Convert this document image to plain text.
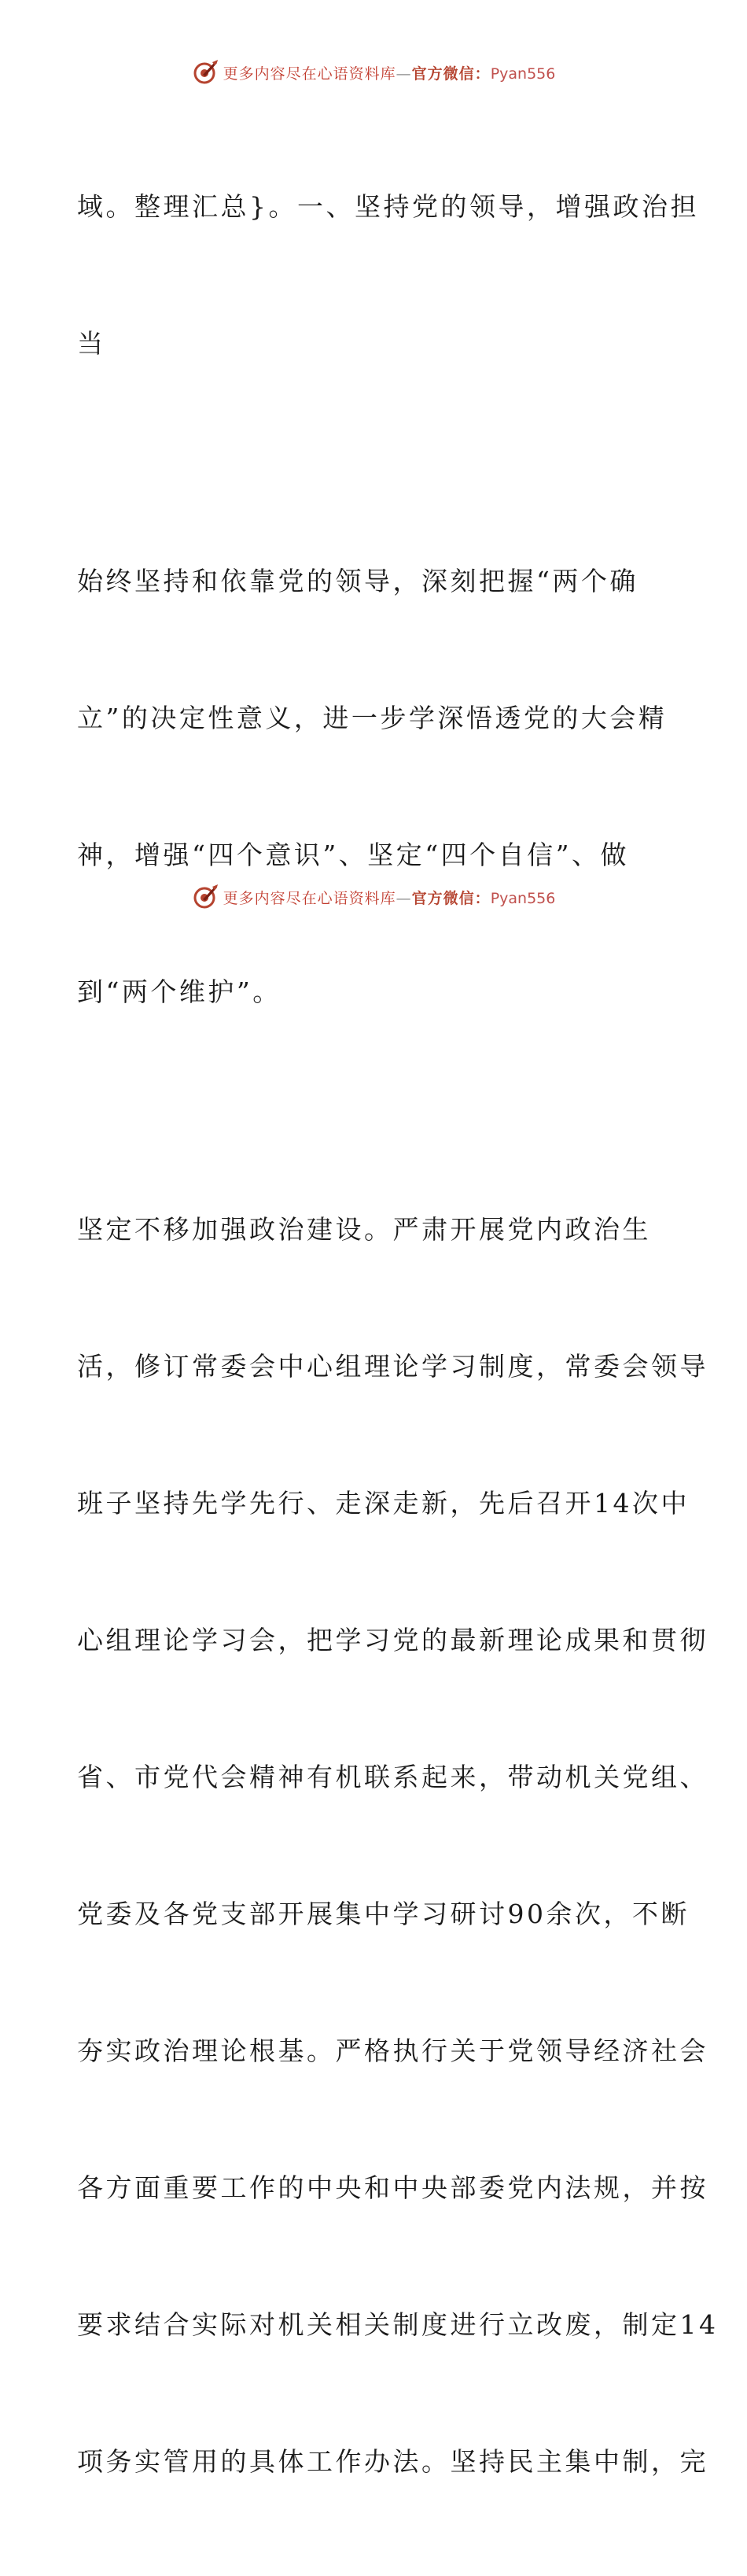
更多内容尽在心语资料库—官方微信：Pyan556

域。整理汇总}。一、坚持党的领导，增强政治担

当

始终坚持和依靠党的领导，深刻把握“两个确

立”的决定性意义，进一步学深悟透党的大会精

神，增强“四个意识”、坚定“四个自信”、做

到“两个维护”。

坚定不移加强政治建设。严肃开展党内政治生

活，修订常委会中心组理论学习制度，常委会领导

班子坚持先学先行、走深走新，先后召开14次中

心组理论学习会，把学习党的最新理论成果和贯彻

省、市党代会精神有机联系起来，带动机关党组、

党委及各党支部开展集中学习研讨90余次，不断

夯实政治理论根基。严格执行关于党领导经济社会

各方面重要工作的中央和中央部委党内法规，并按

要求结合实际对机关相关制度进行立改废，制定14

项务实管用的具体工作办法。坚持民主集中制，完

更多内容尽在心语资料库—官方微信：Pyan556
